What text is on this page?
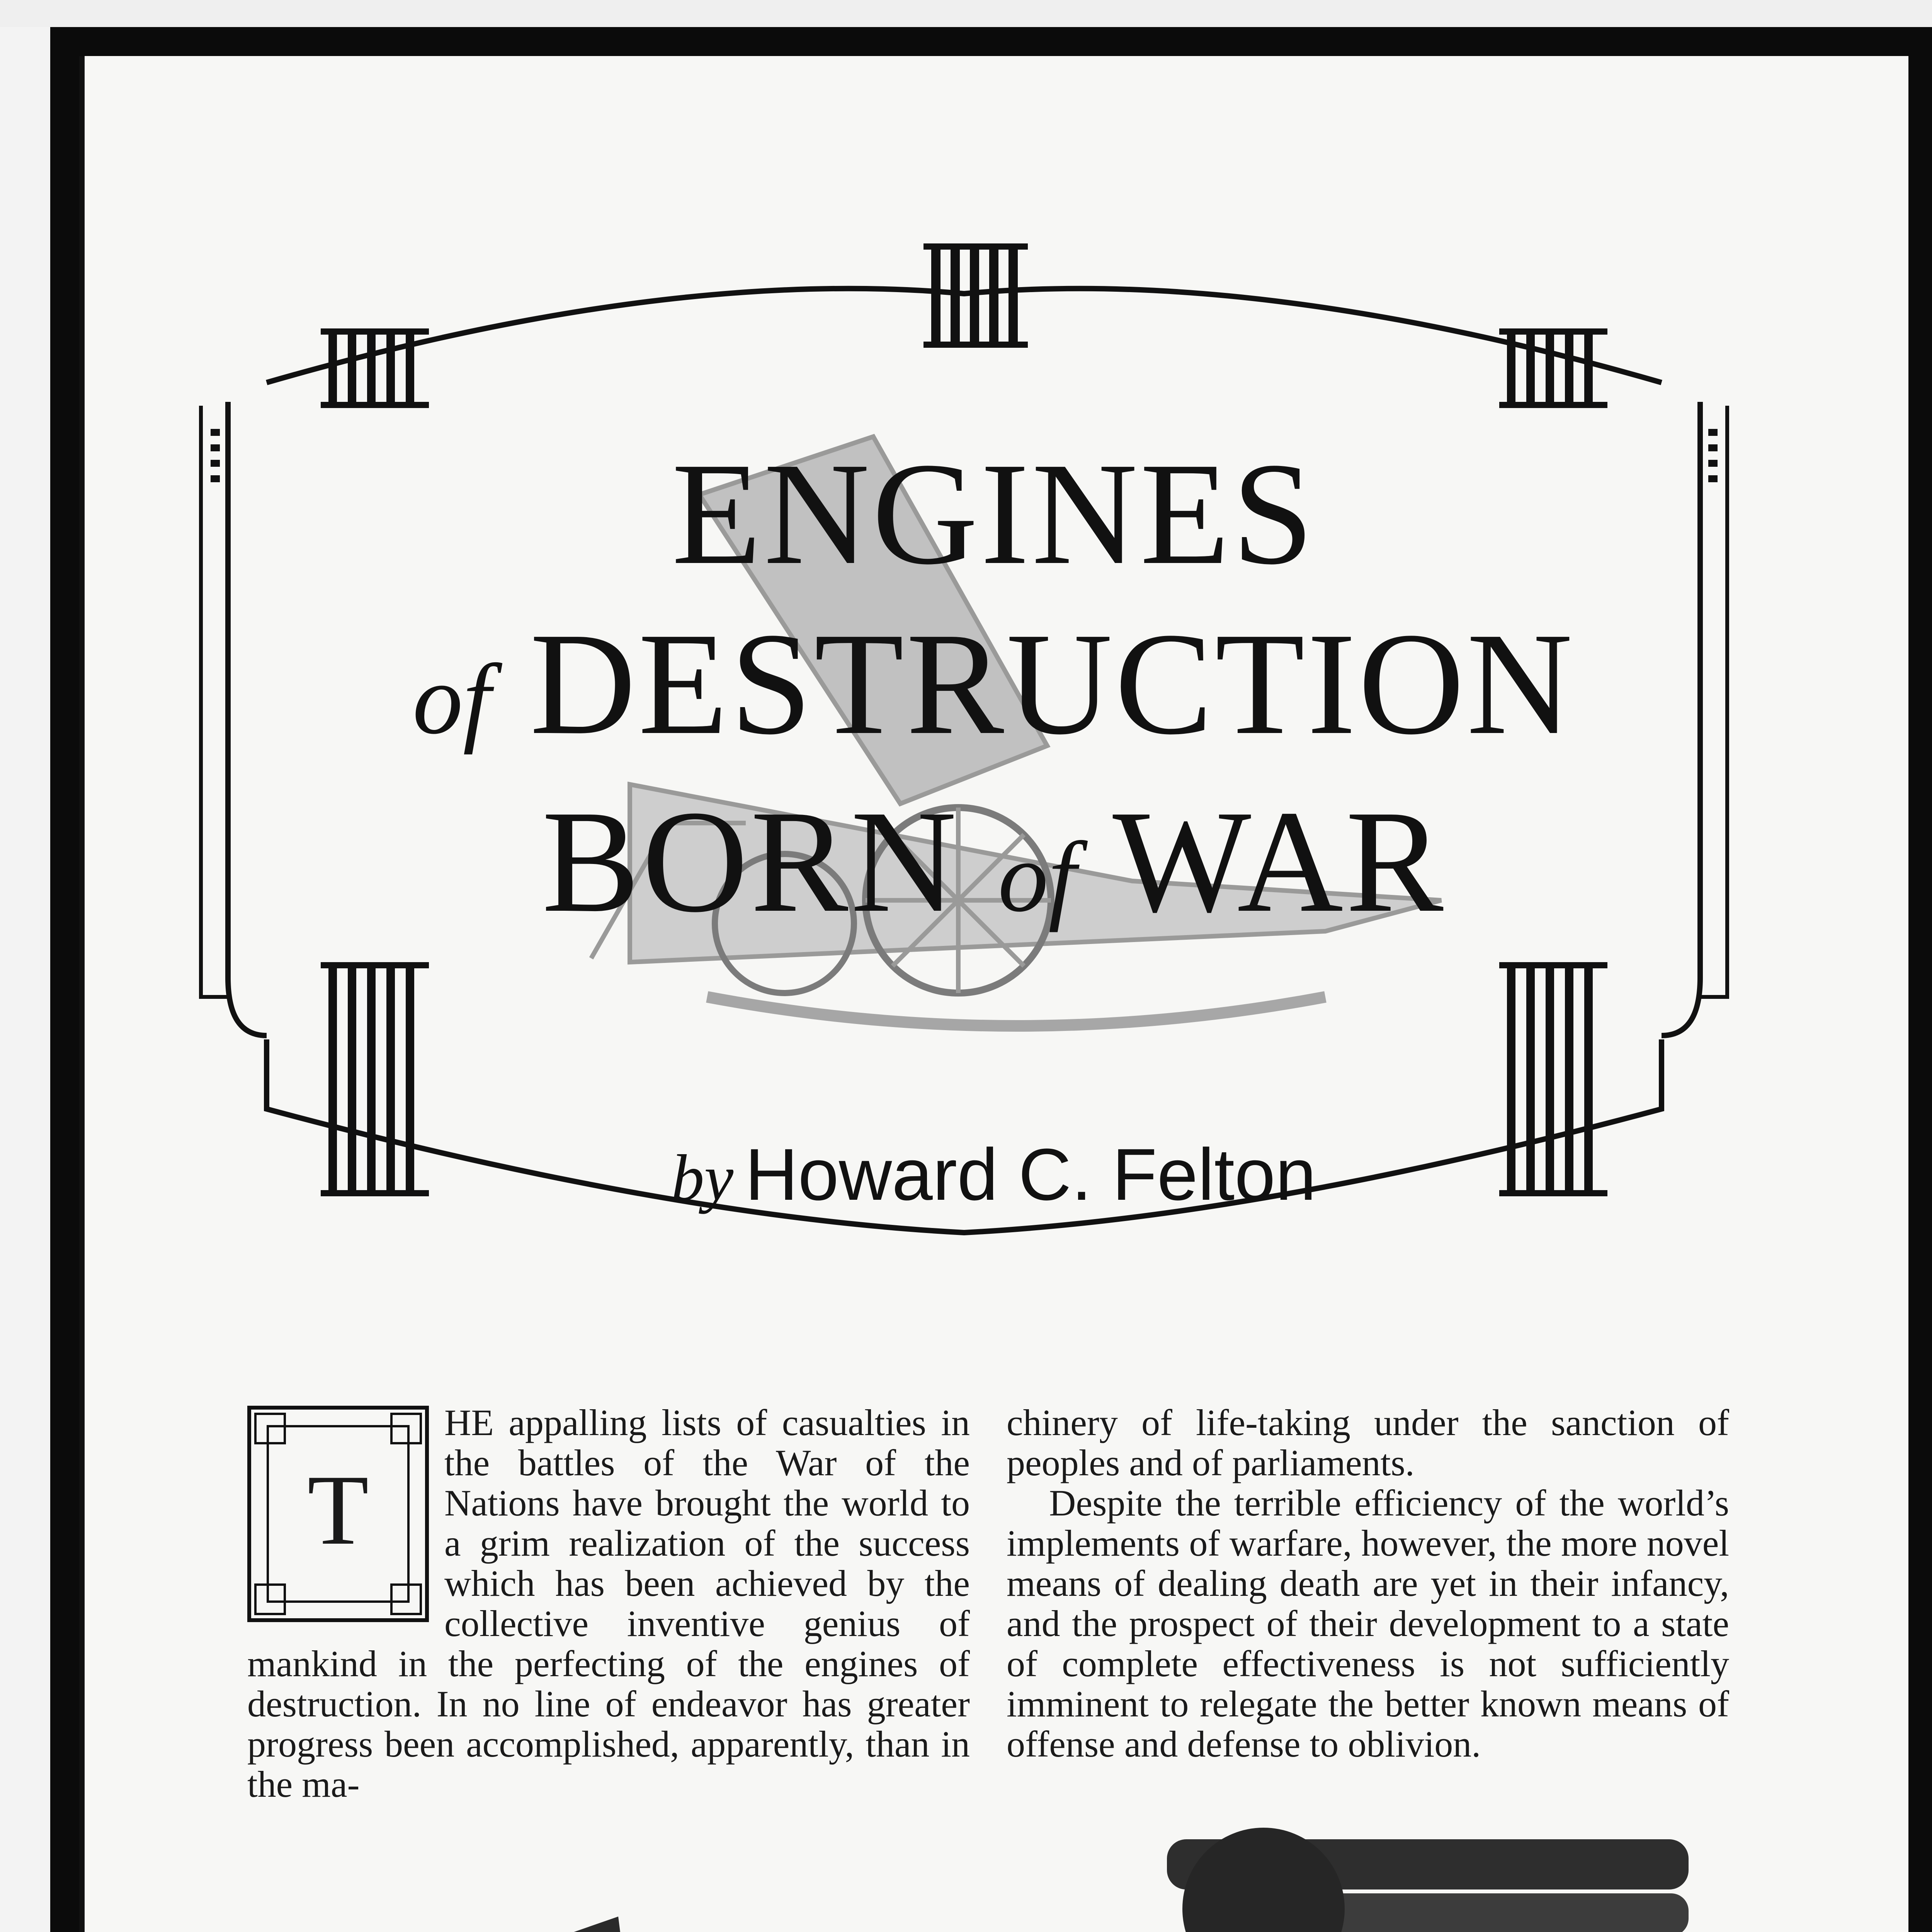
ENGINES
of DESTRUCTION
BORN of WAR
by Howard C. Felton
T

HE appalling lists of casualties in the battles of the War of the Nations have brought the world to a grim realization of the success which has been achieved by the collective inventive genius of mankind in the perfecting of the engines of destruction. In no line of endeavor has greater progress been accomplished, apparently, than in the ma-

chinery of life-taking under the sanction of peoples and of parliaments.

Despite the terrible efficiency of the world’s implements of warfare, however, the more novel means of dealing death are yet in their infancy, and the prospect of their development to a state of complete effectiveness is not sufficiently imminent to relegate the better known means of offense and defense to oblivion.
